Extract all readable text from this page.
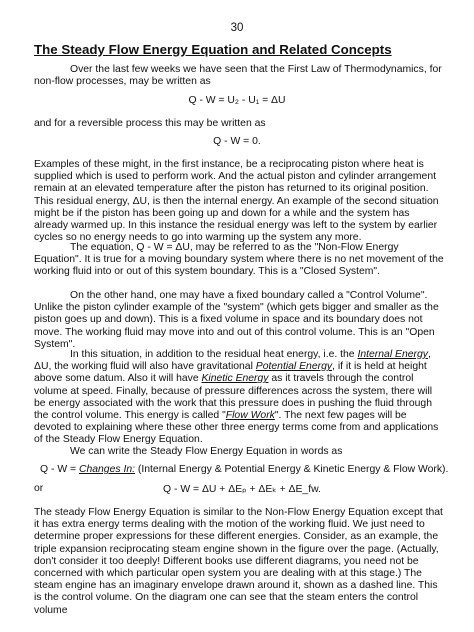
30
The Steady Flow Energy Equation and Related Concepts

Over the last few weeks we have seen that the First Law of Thermodynamics, for non-flow processes, may be written as

Q - W = U₂ - U₁ = ΔU

and for a reversible process this may be written as

Q - W = 0.

Examples of these might, in the first instance, be a reciprocating piston where heat is supplied which is used to perform work. And the actual piston and cylinder arrangement remain at an elevated temperature after the piston has returned to its original position. This residual energy, ΔU, is then the internal energy. An example of the second situation might be if the piston has been going up and down for a while and the system has already warmed up. In this instance the residual energy was left to the system by earlier cycles so no energy needs to go into warming up the system any more.

The equation, Q - W = ΔU, may be referred to as the "Non-Flow Energy Equation". It is true for a moving boundary system where there is no net movement of the working fluid into or out of this system boundary. This is a "Closed System".

On the other hand, one may have a fixed boundary called a "Control Volume". Unlike the piston cylinder example of the "system" (which gets bigger and smaller as the piston goes up and down). This is a fixed volume in space and its boundary does not move. The working fluid may move into and out of this control volume. This is an "Open System".

In this situation, in addition to the residual heat energy, i.e. the Internal Energy, ΔU, the working fluid will also have gravitational Potential Energy, if it is held at height above some datum. Also it will have Kinetic Energy as it travels through the control volume at speed. Finally, because of pressure differences across the system, there will be energy associated with the work that this pressure does in pushing the fluid through the control volume. This energy is called "Flow Work". The next few pages will be devoted to explaining where these other three energy terms come from and applications of the Steady Flow Energy Equation.

We can write the Steady Flow Energy Equation in words as

Q - W = Changes In: (Internal Energy & Potential Energy & Kinetic Energy & Flow Work).
or	Q - W = ΔU + ΔEₚ + ΔEₖ + ΔE_fw.

The steady Flow Energy Equation is similar to the Non-Flow Energy Equation except that it has extra energy terms dealing with the motion of the working fluid. We just need to determine proper expressions for these different energies. Consider, as an example, the triple expansion reciprocating steam engine shown in the figure over the page. (Actually, don't consider it too deeply! Different books use different diagrams, you need not be concerned with which particular open system you are dealing with at this stage.) The steam engine has an imaginary envelope drawn around it, shown as a dashed line. This is the control volume. On the diagram one can see that the steam enters the control volume
